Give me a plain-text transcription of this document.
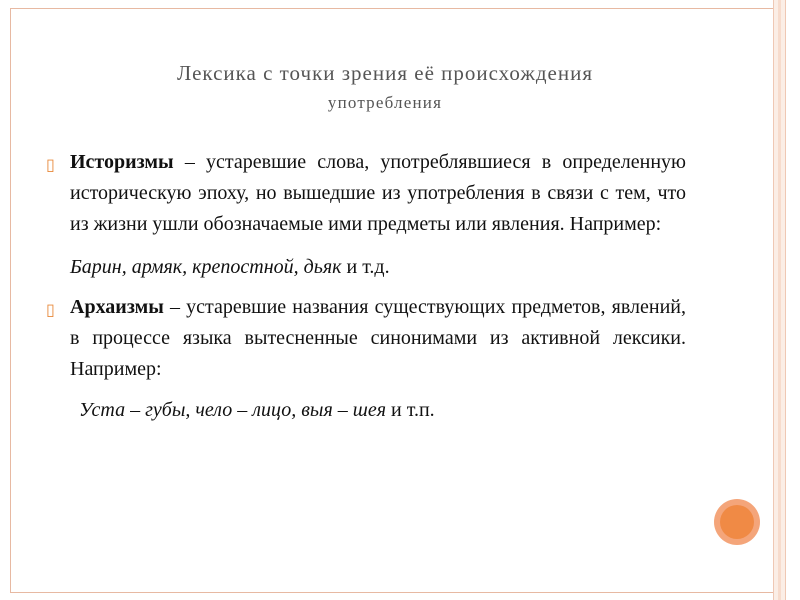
Лексика с точки зрения её происхождения
употребления

▯ Историзмы – устаревшие слова, употреблявшиеся в определенную историческую эпоху, но вышедшие из употребления в связи с тем, что из жизни ушли обозначаемые ими предметы или явления. Например:

Барин, армяк, крепостной, дьяк и т.д.

▯ Архаизмы – устаревшие названия существующих предметов, явлений, в процессе языка вытесненные синонимами из активной лексики. Например:

Уста – губы, чело – лицо, выя – шея и т.п.
